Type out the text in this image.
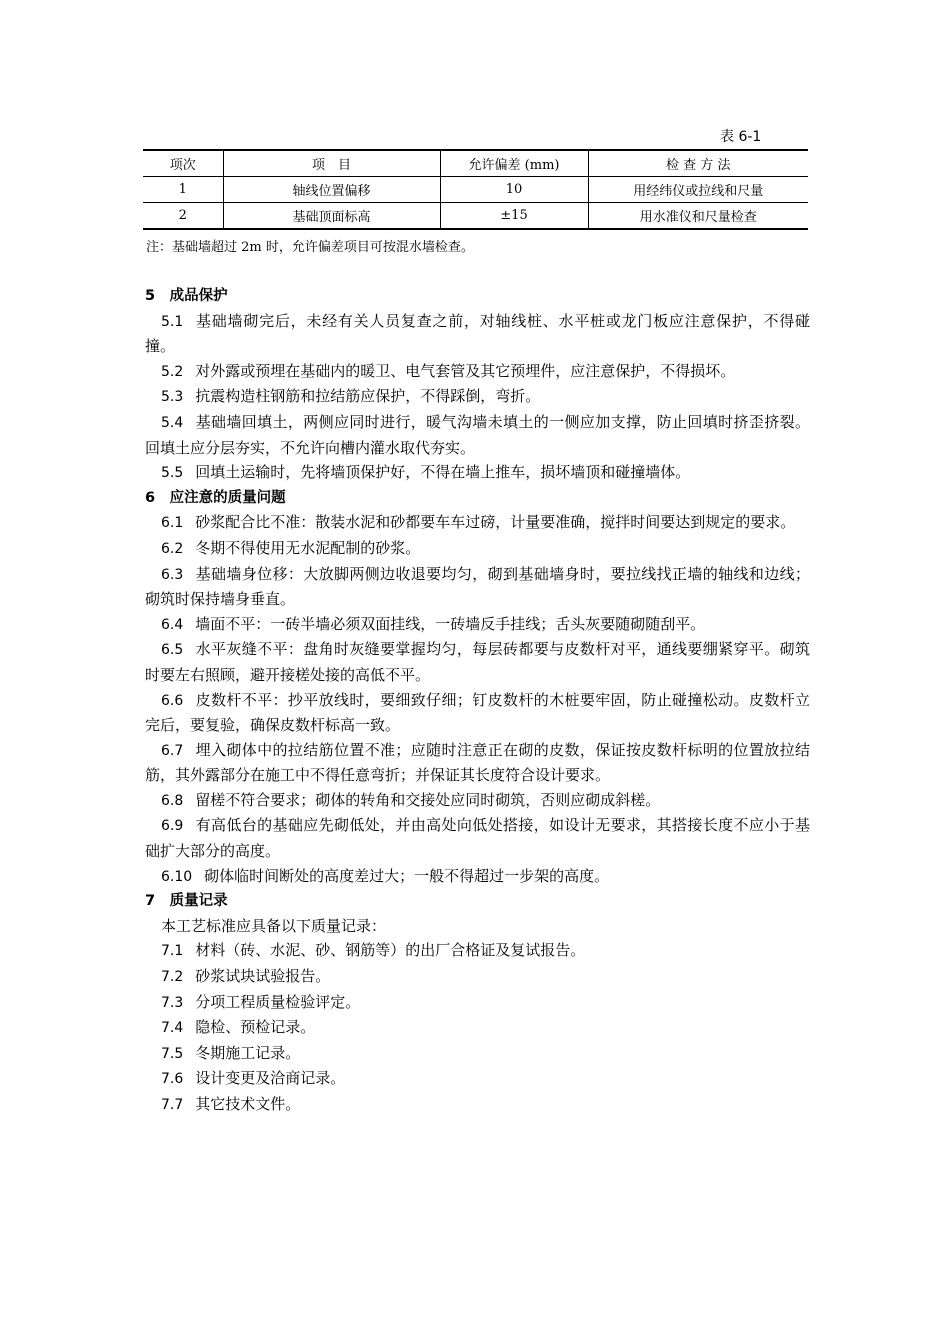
表 6-1
项次	项　目	允许偏差 (mm)	检 查 方 法
1	轴线位置偏移	10	用经纬仪或拉线和尺量
2	基础顶面标高	±15	用水准仪和尺量检查
注：基础墙超过 2m 时，允许偏差项目可按混水墙检查。
5　成品保护
5.1 基础墙砌完后，未经有关人员复查之前，对轴线桩、水平桩或龙门板应注意保护，不得碰撞。
5.2 对外露或预埋在基础内的暖卫、电气套管及其它预埋件，应注意保护，不得损坏。
5.3 抗震构造柱钢筋和拉结筋应保护，不得踩倒，弯折。
5.4 基础墙回填土，两侧应同时进行，暖气沟墙未填土的一侧应加支撑，防止回填时挤歪挤裂。回填土应分层夯实，不允许向槽内灌水取代夯实。
5.5 回填土运输时，先将墙顶保护好，不得在墙上推车，损坏墙顶和碰撞墙体。
6　应注意的质量问题
6.1 砂浆配合比不准：散装水泥和砂都要车车过磅，计量要准确，搅拌时间要达到规定的要求。
6.2 冬期不得使用无水泥配制的砂浆。
6.3 基础墙身位移：大放脚两侧边收退要均匀，砌到基础墙身时，要拉线找正墙的轴线和边线；砌筑时保持墙身垂直。
6.4 墙面不平：一砖半墙必须双面挂线，一砖墙反手挂线；舌头灰要随砌随刮平。
6.5 水平灰缝不平：盘角时灰缝要掌握均匀，每层砖都要与皮数杆对平，通线要绷紧穿平。砌筑时要左右照顾，避开接槎处接的高低不平。
6.6 皮数杆不平：抄平放线时，要细致仔细；钉皮数杆的木桩要牢固，防止碰撞松动。皮数杆立完后，要复验，确保皮数杆标高一致。
6.7 埋入砌体中的拉结筋位置不准；应随时注意正在砌的皮数，保证按皮数杆标明的位置放拉结筋，其外露部分在施工中不得任意弯折；并保证其长度符合设计要求。
6.8 留槎不符合要求；砌体的转角和交接处应同时砌筑，否则应砌成斜槎。
6.9 有高低台的基础应先砌低处，并由高处向低处搭接，如设计无要求，其搭接长度不应小于基础扩大部分的高度。
6.10 砌体临时间断处的高度差过大；一般不得超过一步架的高度。
7　质量记录
本工艺标准应具备以下质量记录：
7.1 材料（砖、水泥、砂、钢筋等）的出厂合格证及复试报告。
7.2 砂浆试块试验报告。
7.3 分项工程质量检验评定。
7.4 隐检、预检记录。
7.5 冬期施工记录。
7.6 设计变更及洽商记录。
7.7 其它技术文件。
